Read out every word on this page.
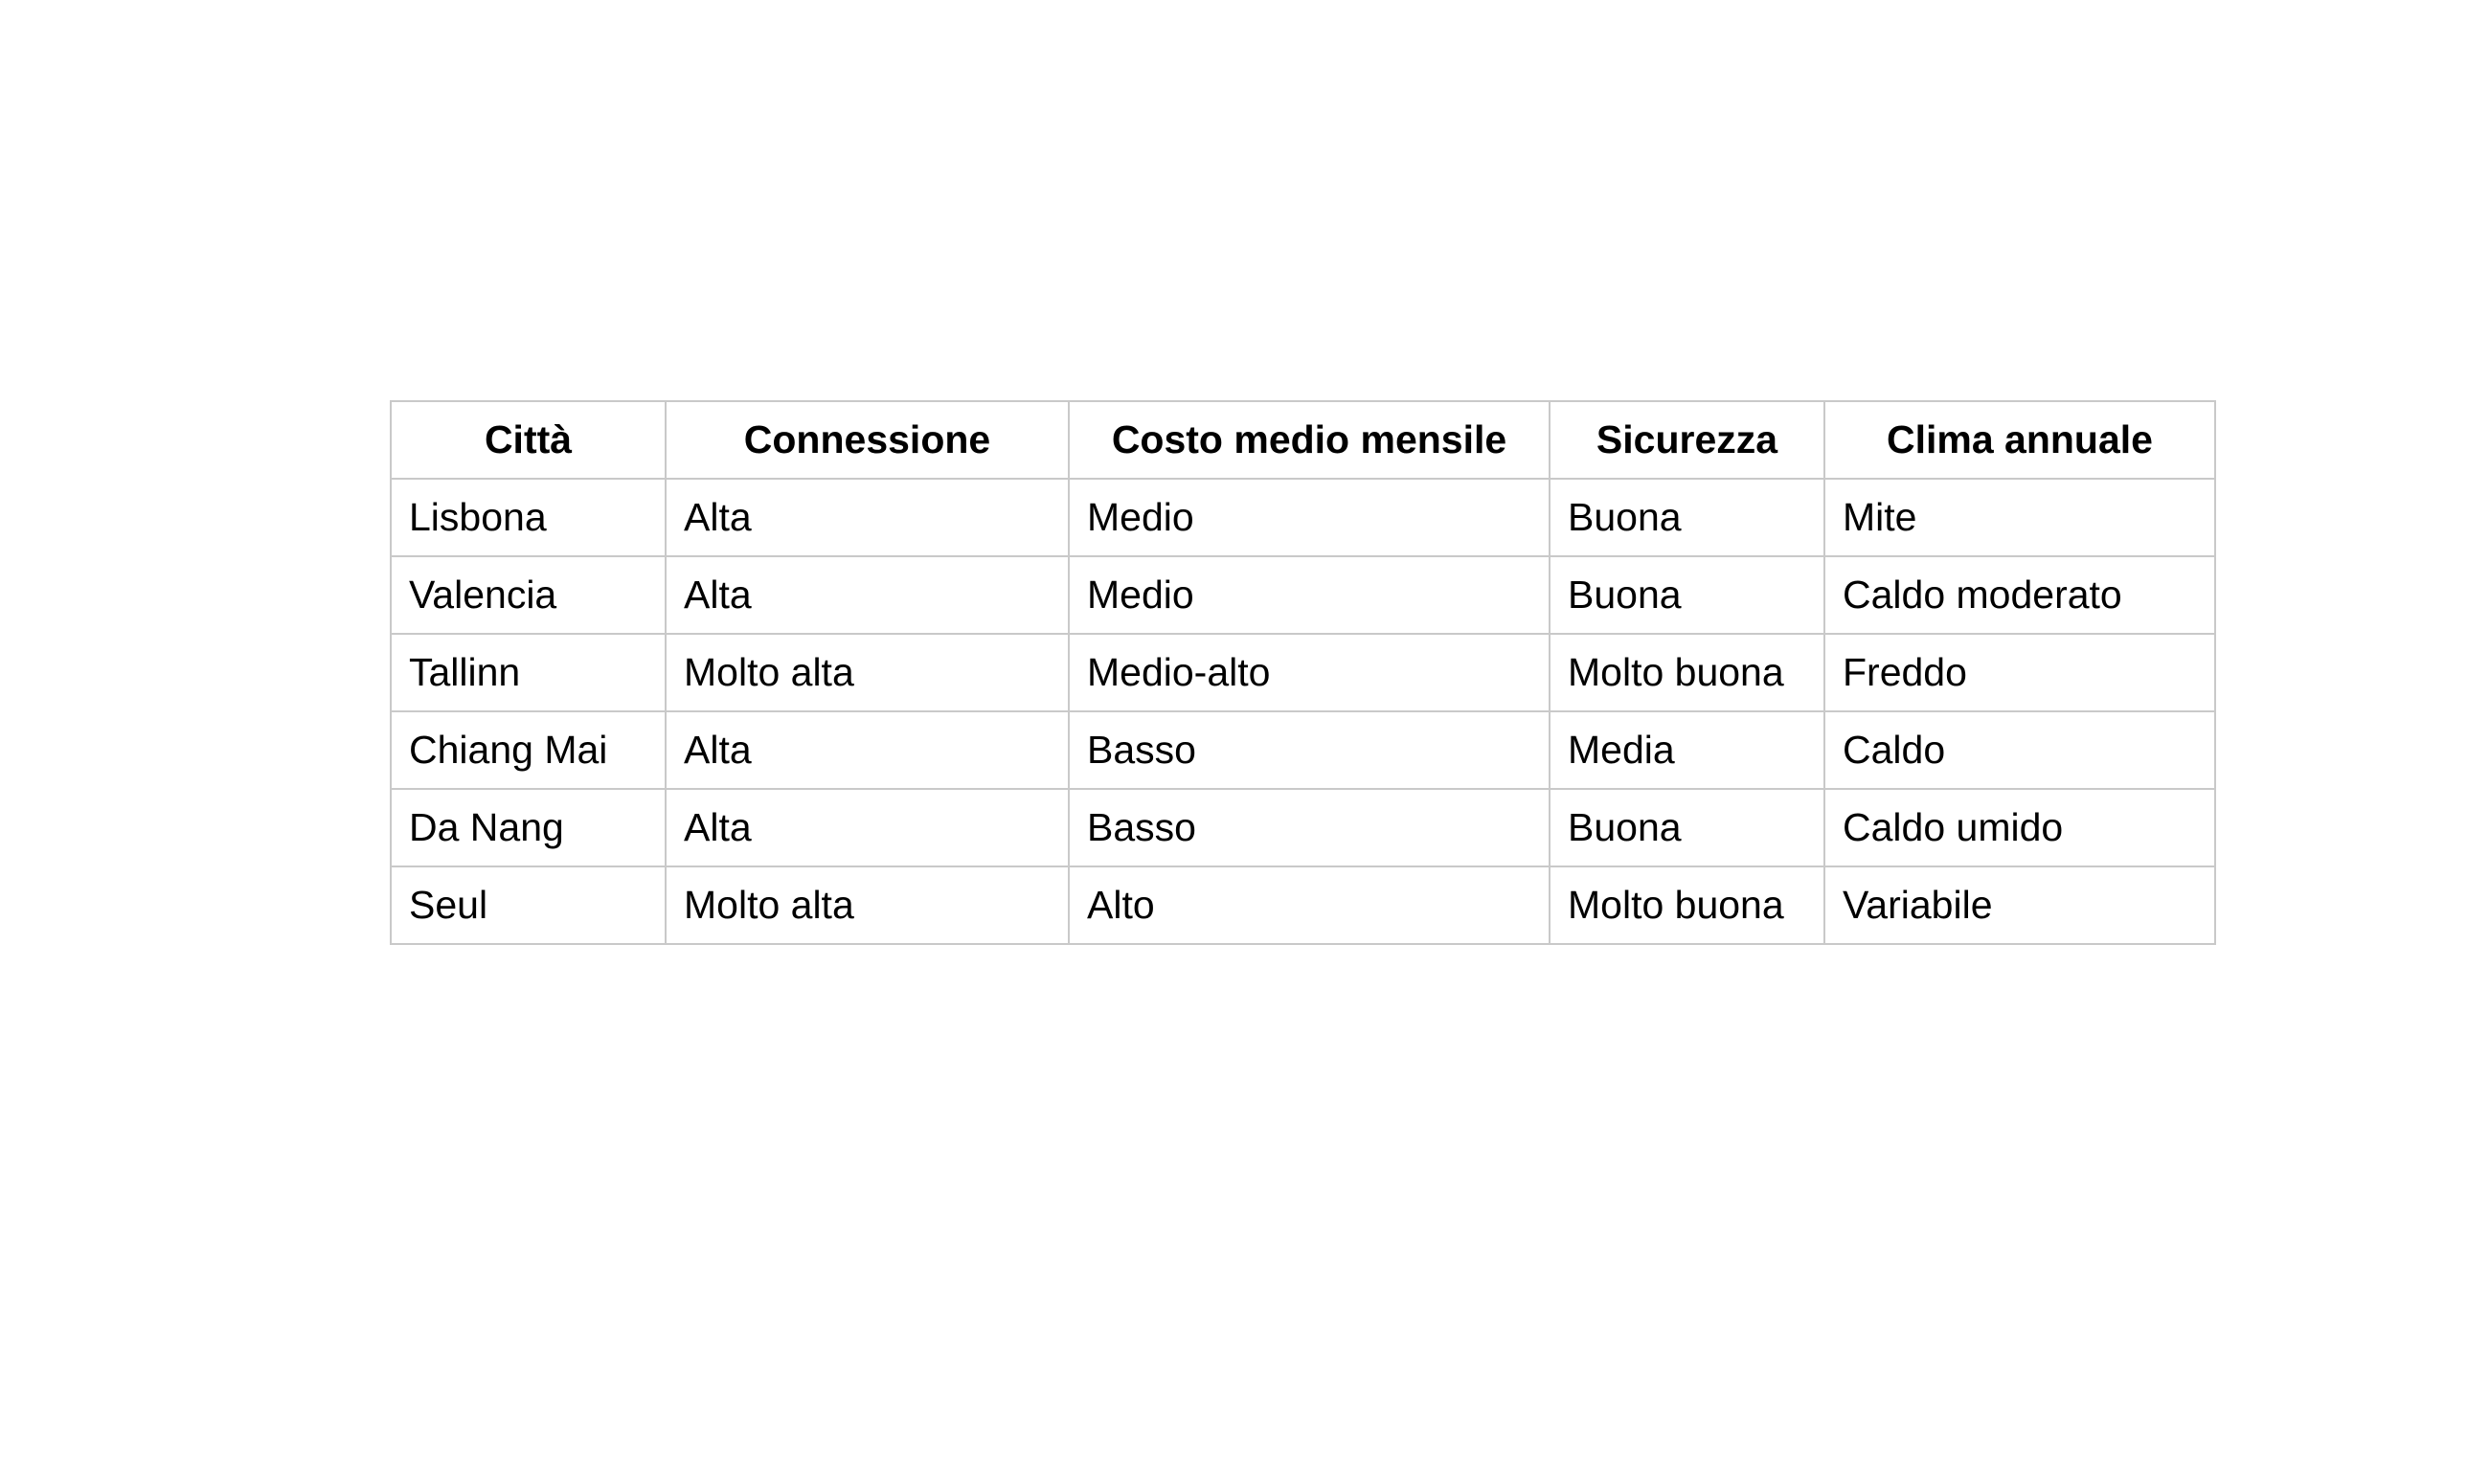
Città	Connessione	Costo medio mensile	Sicurezza	Clima annuale
Lisbona	Alta	Medio	Buona	Mite
Valencia	Alta	Medio	Buona	Caldo moderato
Tallinn	Molto alta	Medio-alto	Molto buona	Freddo
Chiang Mai	Alta	Basso	Media	Caldo
Da Nang	Alta	Basso	Buona	Caldo umido
Seul	Molto alta	Alto	Molto buona	Variabile
